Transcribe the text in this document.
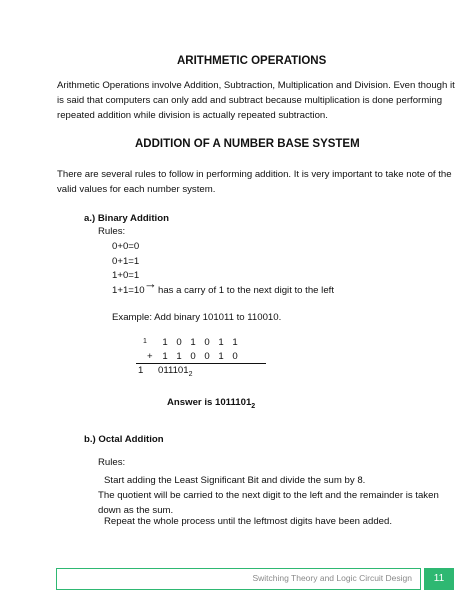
ARITHMETIC OPERATIONS
Arithmetic Operations involve Addition, Subtraction, Multiplication and Division. Even though it
is said that computers can only add and subtract because multiplication is done performing
repeated addition while division is actually repeated subtraction.
ADDITION OF A NUMBER BASE SYSTEM
There are several rules to follow in performing addition. It is very important to take note of the
valid values for each number system.
a.) Binary Addition
Rules:
0+0=0
0+1=1
1+0=1
1+1=10 → has a carry of 1 to the next digit to the left
Example: Add binary 101011 to 110010.
1	1 0 1 0 1 1
+	1 1 0 0 1 0
1 $011101_2$
Answer is $1011101_2$
b.) Octal Addition
Rules:
Start adding the Least Significant Bit and divide the sum by 8.
The quotient will be carried to the next digit to the left and the remainder is taken
down as the sum.
Repeat the whole process until the leftmost digits have been added.
Switching Theory and Logic Circuit Design	11
